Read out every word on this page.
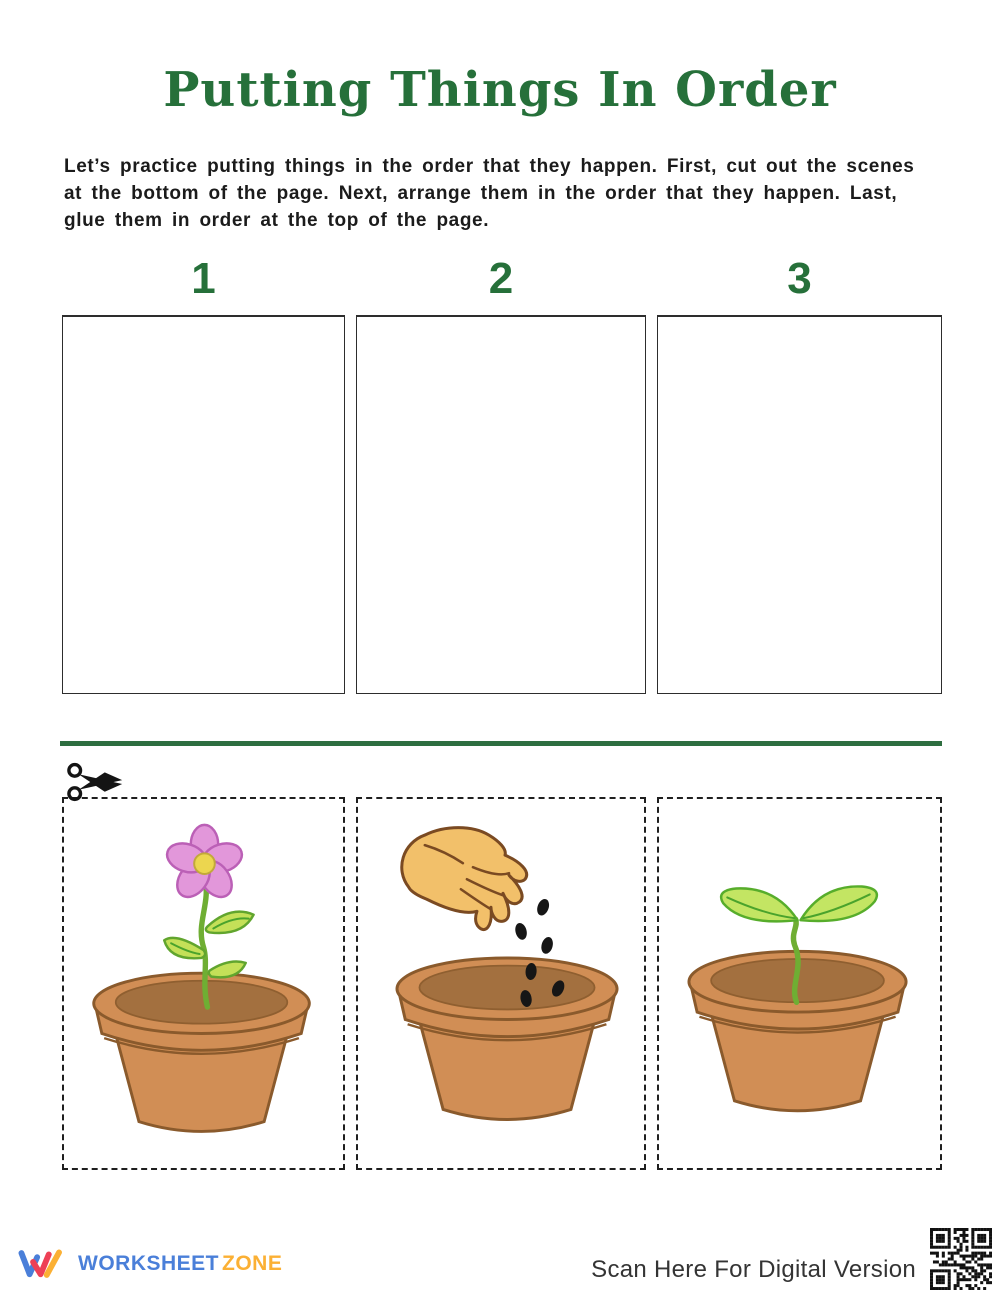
Putting Things In Order

Let’s practice putting things in the order that they happen. First, cut out the scenes at the bottom of the page. Next, arrange them in the order that they happen. Last, glue them in order at the top of the page.

1	2	3
WORKSHEET ZONE	Scan Here For Digital Version
